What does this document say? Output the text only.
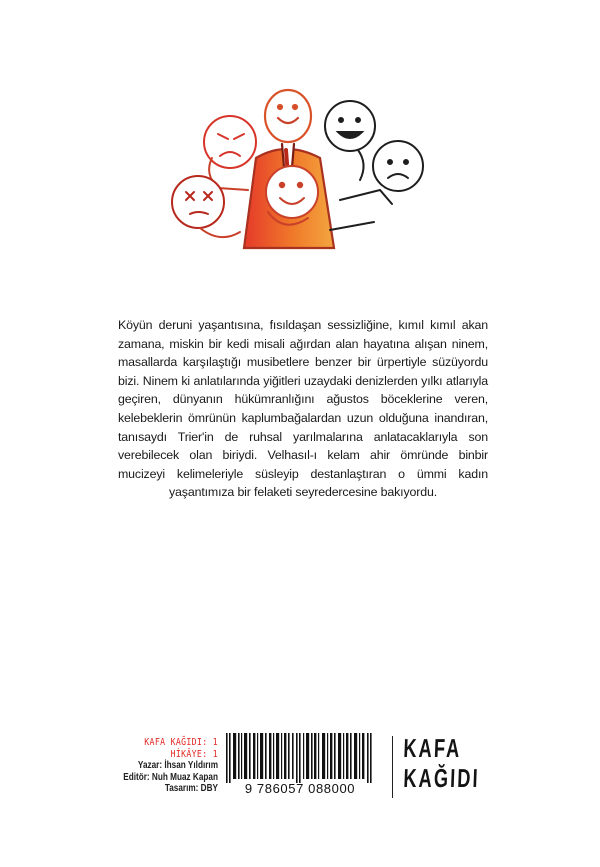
Köyün deruni yaşantısına, fısıldaşan sessizliğine, kımıl kımıl akan zamana, miskin bir kedi misali ağırdan alan hayatına alışan ninem, masallarda karşılaştığı musibetlere benzer bir ürpertiyle süzüyordu bizi. Ninem ki anlatılarında yiğitleri uzaydaki denizlerden yılkı atlarıyla geçiren, dünyanın hükümranlığını ağustos böceklerine veren, kelebeklerin ömrünün kaplumbağalardan uzun olduğuna inandıran, tanısaydı Trier'in de ruhsal yarılmalarına anlatacaklarıyla son verebilecek olan biriydi. Velhasıl-ı kelam ahir ömründe binbir mucizeyi kelimeleriyle süsleyip destanlaştıran o ümmi kadın yaşantımıza bir felaketi seyredercesine bakıyordu.
KAFA KAĞIDI: 1
HİKÂYE: 1
Yazar: İhsan Yıldırım
Editör: Nuh Muaz Kapan
Tasarım: DBY	9 786057 088000
KAFA
KAĞIDI
